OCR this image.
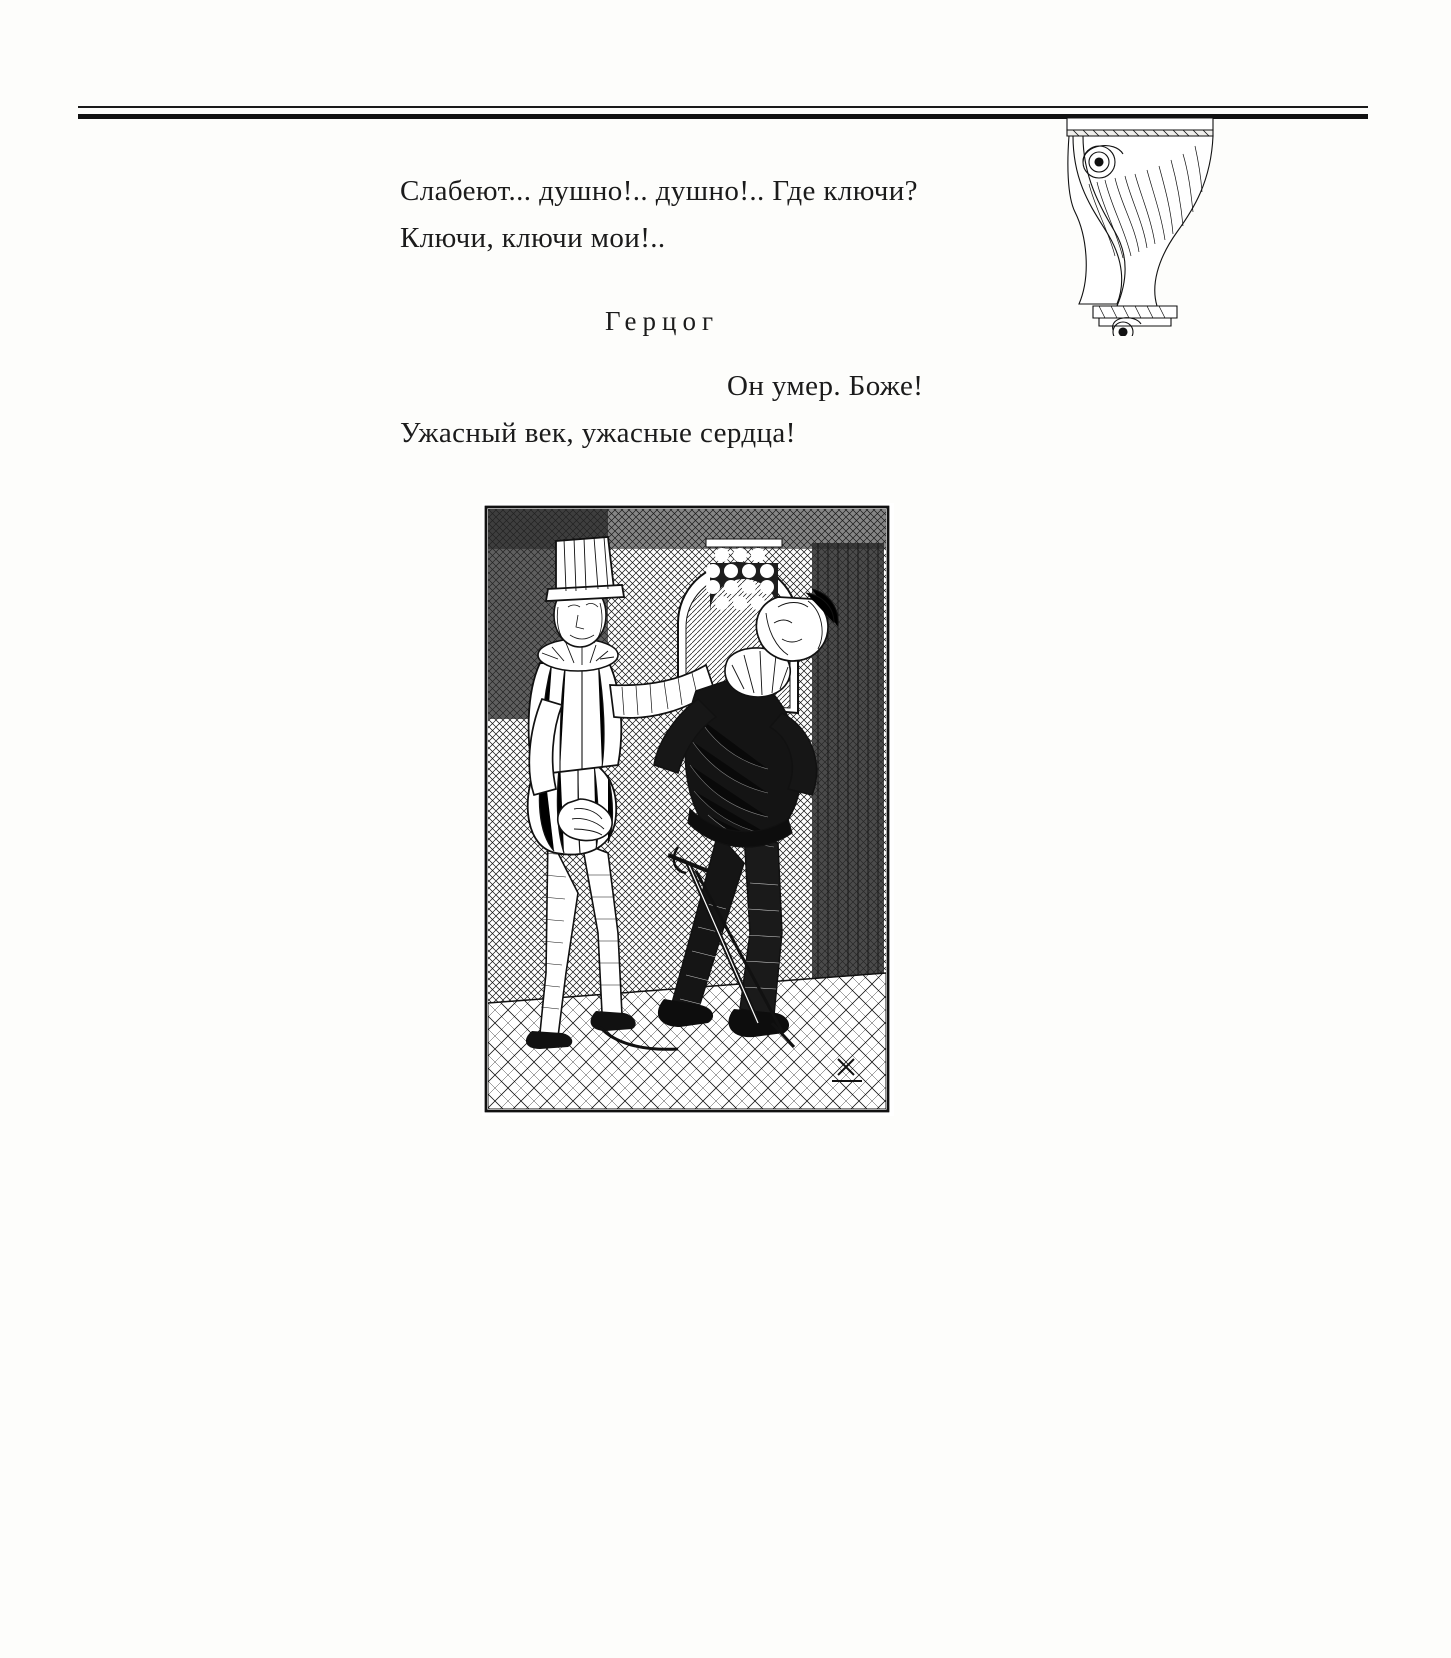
Слабеют... душно!.. душно!.. Где ключи?
Ключи, ключи мои!..
Герцог
Он умер. Боже!
Ужасный век, ужасные сердца!
